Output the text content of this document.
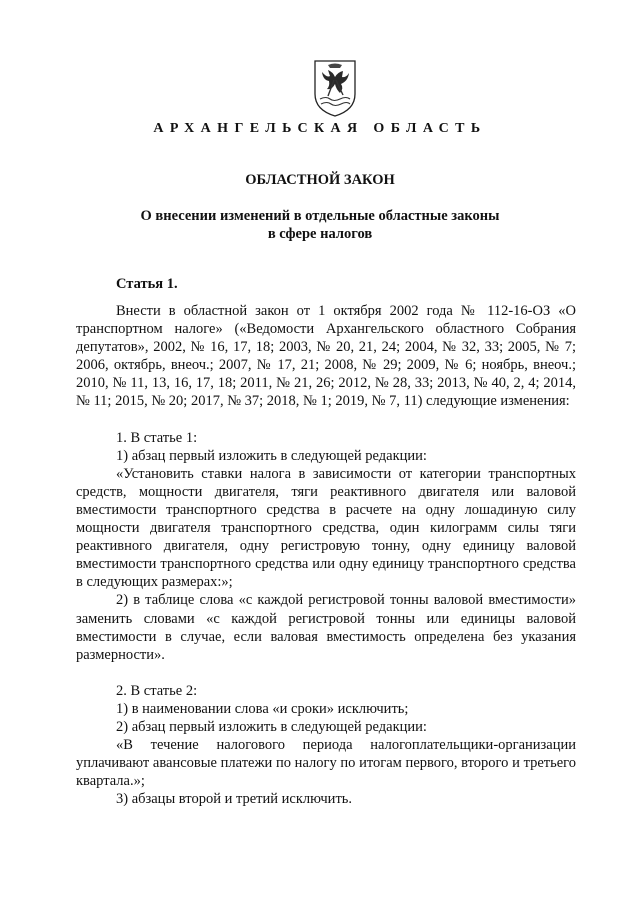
АРХАНГЕЛЬСКАЯ ОБЛАСТЬ
ОБЛАСТНОЙ ЗАКОН
О внесении изменений в отдельные областные законы
в сфере налогов
Статья 1.

Внести в областной закон от 1 октября 2002 года № 112-16-ОЗ «О транспортном налоге» («Ведомости Архангельского областного Собрания депутатов», 2002, № 16, 17, 18; 2003, № 20, 21, 24; 2004, № 32, 33; 2005, № 7; 2006, октябрь, внеоч.; 2007, № 17, 21; 2008, № 29; 2009, № 6; ноябрь, внеоч.; 2010, № 11, 13, 16, 17, 18; 2011, № 21, 26; 2012, № 28, 33; 2013, № 40, 2, 4; 2014, № 11; 2015, № 20; 2017, № 37; 2018, № 1; 2019, № 7, 11) следующие изменения:

1. В статье 1:

1) абзац первый изложить в следующей редакции:

«Установить ставки налога в зависимости от категории транспортных средств, мощности двигателя, тяги реактивного двигателя или валовой вместимости транспортного средства в расчете на одну лошадиную силу мощности двигателя транспортного средства, один килограмм силы тяги реактивного двигателя, одну регистровую тонну, одну единицу валовой вместимости транспортного средства или одну единицу транспортного средства в следующих размерах:»;

2) в таблице слова «с каждой регистровой тонны валовой вместимости» заменить словами «с каждой регистровой тонны или единицы валовой вместимости в случае, если валовая вместимость определена без указания размерности».

2. В статье 2:

1) в наименовании слова «и сроки» исключить;

2) абзац первый изложить в следующей редакции:

«В течение налогового периода налогоплательщики-организации уплачивают авансовые платежи по налогу по итогам первого, второго и третьего квартала.»;

3) абзацы второй и третий исключить.
